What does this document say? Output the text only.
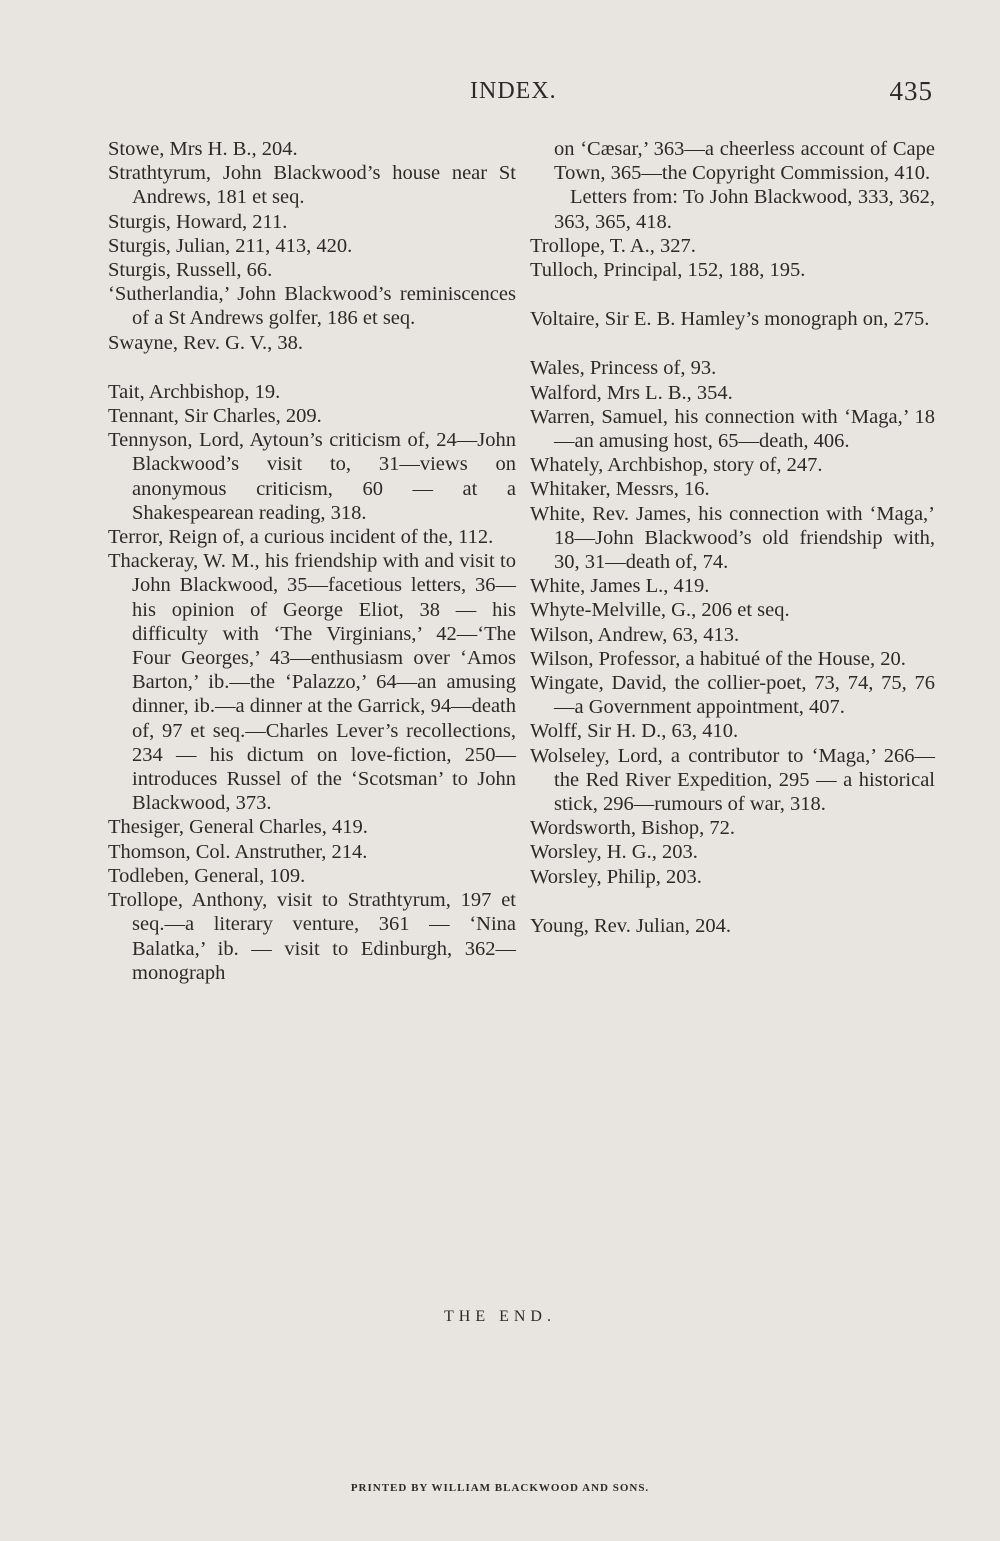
INDEX.	435
Stowe, Mrs H. B., 204.
Strathtyrum, John Blackwood’s house near St Andrews, 181 et seq.
Sturgis, Howard, 211.
Sturgis, Julian, 211, 413, 420.
Sturgis, Russell, 66.
‘Sutherlandia,’ John Blackwood’s reminiscences of a St Andrews golfer, 186 et seq.
Swayne, Rev. G. V., 38.
Tait, Archbishop, 19.
Tennant, Sir Charles, 209.
Tennyson, Lord, Aytoun’s criticism of, 24—John Blackwood’s visit to, 31—views on anonymous criticism, 60 — at a Shakespearean reading, 318.
Terror, Reign of, a curious incident of the, 112.
Thackeray, W. M., his friendship with and visit to John Blackwood, 35—facetious letters, 36—his opinion of George Eliot, 38 — his difficulty with ‘The Virginians,’ 42—‘The Four Georges,’ 43—enthusiasm over ‘Amos Barton,’ ib.—the ‘Palazzo,’ 64—an amusing dinner, ib.—a dinner at the Garrick, 94—death of, 97 et seq.—Charles Lever’s recollections, 234 — his dictum on love-fiction, 250—introduces Russel of the ‘Scotsman’ to John Blackwood, 373.
Thesiger, General Charles, 419.
Thomson, Col. Anstruther, 214.
Todleben, General, 109.
Trollope, Anthony, visit to Strathtyrum, 197 et seq.—a literary venture, 361 — ‘Nina Balatka,’ ib. — visit to Edinburgh, 362—monograph
on ‘Cæsar,’ 363—a cheerless account of Cape Town, 365—the Copyright Commission, 410.
Letters from: To John Blackwood, 333, 362, 363, 365, 418.
Trollope, T. A., 327.
Tulloch, Principal, 152, 188, 195.
Voltaire, Sir E. B. Hamley’s monograph on, 275.
Wales, Princess of, 93.
Walford, Mrs L. B., 354.
Warren, Samuel, his connection with ‘Maga,’ 18—an amusing host, 65—death, 406.
Whately, Archbishop, story of, 247.
Whitaker, Messrs, 16.
White, Rev. James, his connection with ‘Maga,’ 18—John Blackwood’s old friendship with, 30, 31—death of, 74.
White, James L., 419.
Whyte-Melville, G., 206 et seq.
Wilson, Andrew, 63, 413.
Wilson, Professor, a habitué of the House, 20.
Wingate, David, the collier-poet, 73, 74, 75, 76—a Government appointment, 407.
Wolff, Sir H. D., 63, 410.
Wolseley, Lord, a contributor to ‘Maga,’ 266—the Red River Expedition, 295 — a historical stick, 296—rumours of war, 318.
Wordsworth, Bishop, 72.
Worsley, H. G., 203.
Worsley, Philip, 203.
Young, Rev. Julian, 204.
THE END.
PRINTED BY WILLIAM BLACKWOOD AND SONS.
